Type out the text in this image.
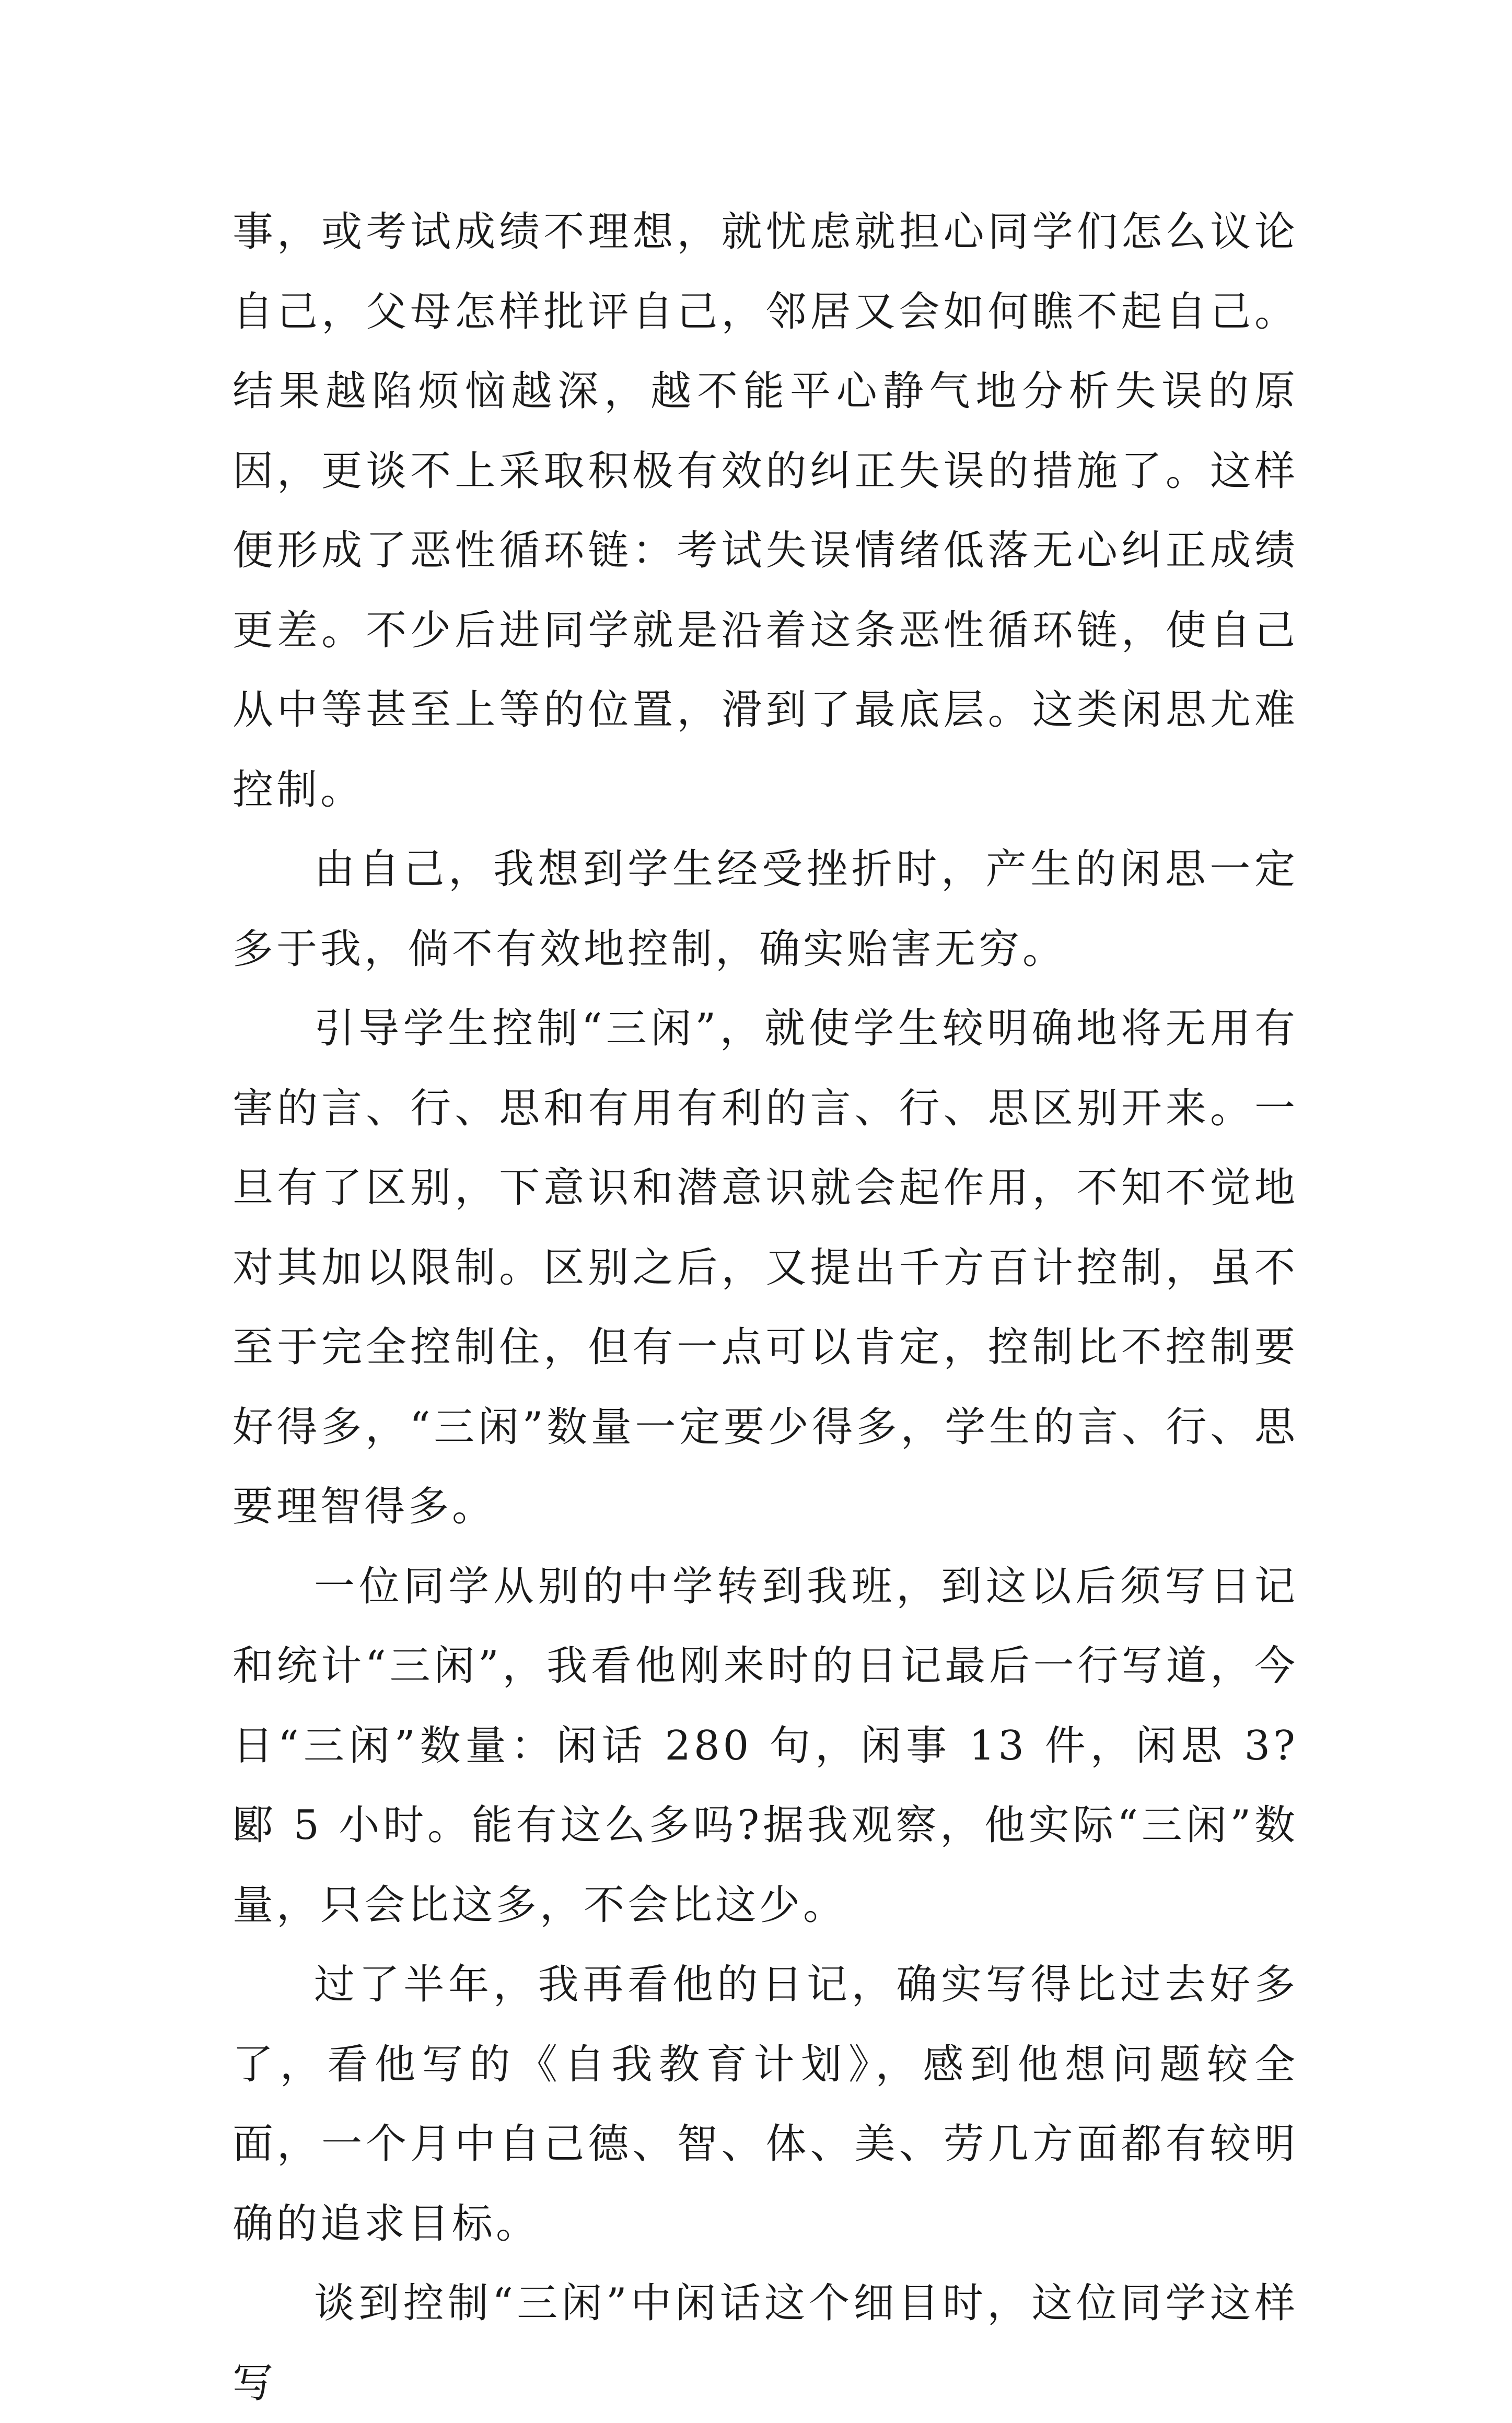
事，或考试成绩不理想，就忧虑就担心同学们怎么议论自己，父母怎样批评自己，邻居又会如何瞧不起自己。结果越陷烦恼越深，越不能平心静气地分析失误的原因，更谈不上采取积极有效的纠正失误的措施了。这样便形成了恶性循环链：考试失误情绪低落无心纠正成绩更差。不少后进同学就是沿着这条恶性循环链，使自己从中等甚至上等的位置，滑到了最底层。这类闲思尤难控制。

由自己，我想到学生经受挫折时，产生的闲思一定多于我，倘不有效地控制，确实贻害无穷。

引导学生控制“三闲”，就使学生较明确地将无用有害的言、行、思和有用有利的言、行、思区别开来。一旦有了区别，下意识和潜意识就会起作用，不知不觉地对其加以限制。区别之后，又提出千方百计控制，虽不至于完全控制住，但有一点可以肯定，控制比不控制要好得多，“三闲”数量一定要少得多，学生的言、行、思要理智得多。

一位同学从别的中学转到我班，到这以后须写日记和统计“三闲”，我看他刚来时的日记最后一行写道，今日“三闲”数量：闲话 280 句，闲事 13 件，闲思 3?郾 5 小时。能有这么多吗?据我观察，他实际“三闲”数量，只会比这多，不会比这少。

过了半年，我再看他的日记，确实写得比过去好多了，看他写的《自我教育计划》，感到他想问题较全面，一个月中自己德、智、体、美、劳几方面都有较明确的追求目标。

谈到控制“三闲”中闲话这个细目时，这位同学这样写
